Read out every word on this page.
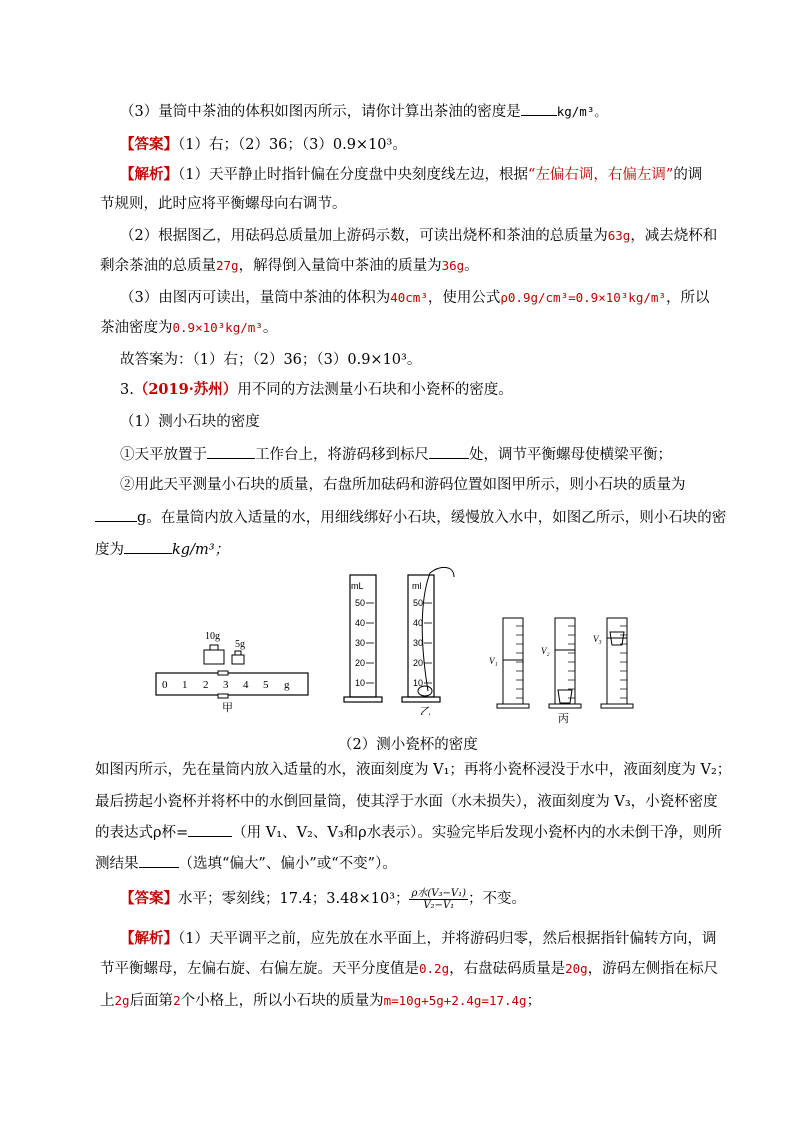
（3）量筒中茶油的体积如图丙所示，请你计算出茶油的密度是	kg/m³。
【答案】（1）右；（2）36；（3）0.9×10³。
【解析】（1）天平静止时指针偏在分度盘中央刻度线左边，根据“左偏右调，右偏左调”的调
节规则，此时应将平衡螺母向右调节。
（2）根据图乙，用砝码总质量加上游码示数，可读出烧杯和茶油的总质量为63g，减去烧杯和
剩余茶油的总质量27g，解得倒入量筒中茶油的质量为36g。
（3）由图丙可读出，量筒中茶油的体积为40cm³，使用公式ρ0.9g/cm³=0.9×10³kg/m³，所以
茶油密度为0.9×10³kg/m³。
故答案为：（1）右；（2）36；（3）0.9×10³。
3.（2019·苏州）用不同的方法测量小石块和小瓷杯的密度。
（1）测小石块的密度
①天平放置于	工作台上，将游码移到标尺	处，调节平衡螺母使横梁平衡；
②用此天平测量小石块的质量，右盘所加砝码和游码位置如图甲所示，则小石块的质量为
g。在量筒内放入适量的水，用细线绑好小石块，缓慢放入水中，如图乙所示，则小石块的密
度为	kg/m³；
10g
5g
0 1 2 3 4 5 g
甲
mL
50
40
30
20
10
ml
50
40
30
20
10
乙
V₁
V₂
V₃
丙
（2）测小瓷杯的密度
如图丙所示，先在量筒内放入适量的水，液面刻度为 V₁；再将小瓷杯浸没于水中，液面刻度为 V₂；
最后捞起小瓷杯并将杯中的水倒回量筒，使其浮于水面（水未损失），液面刻度为 V₃，小瓷杯密度
的表达式ρ杯=	（用 V₁、V₂、V₃和ρ水表示）。实验完毕后发现小瓷杯内的水未倒干净，则所
测结果	（选填“偏大”、偏小”或“不变”）。
【答案】水平；零刻线；17.4；3.48×10³； $\frac{\text{ρ水(V₃−V₁)}}{\text{V₂−V₁}}$ ；不变。
【解析】（1）天平调平之前，应先放在水平面上，并将游码归零，然后根据指针偏转方向，调
节平衡螺母，左偏右旋、右偏左旋。天平分度值是0.2g，右盘砝码质量是20g，游码左侧指在标尺
上2g后面第2个小格上，所以小石块的质量为m=10g+5g+2.4g=17.4g；
